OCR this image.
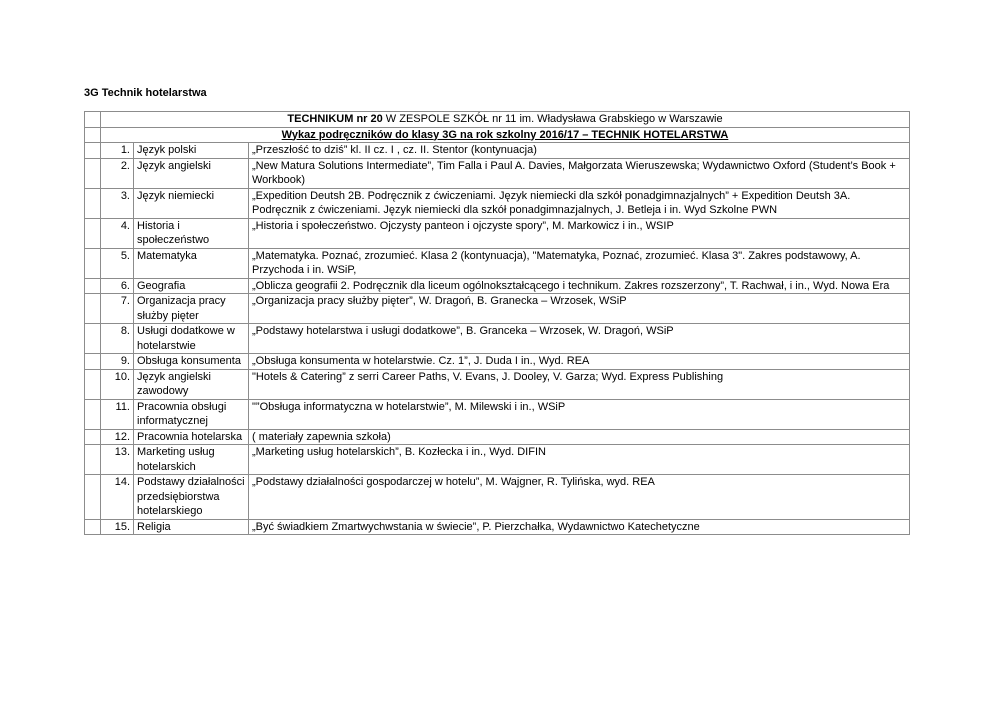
3G Technik hotelarstwa
	TECHNIKUM nr 20 W ZESPOLE SZKÓŁ nr 11 im. Władysława Grabskiego w Warszawie		
	Wykaz podręczników do klasy 3G na rok szkolny 2016/17 – TECHNIK HOTELARSTWA		
	1.	Język polski	„Przeszłość to dziś” kl. II cz. I , cz. II. Stentor (kontynuacja)
	2.	Język angielski	„New Matura Solutions Intermediate”, Tim Falla i Paul A. Davies, Małgorzata Wieruszewska; Wydawnictwo Oxford (Student’s Book + Workbook)
	3.	Język niemiecki	„Expedition Deutsh 2B. Podręcznik z ćwiczeniami. Język niemiecki dla szkół ponadgimnazjalnych” + Expedition Deutsh 3A. Podręcznik z ćwiczeniami. Język niemiecki dla szkół ponadgimnazjalnych, J. Betleja i in. Wyd Szkolne PWN
	4.	Historia i społeczeństwo	„Historia i społeczeństwo. Ojczysty panteon i ojczyste spory”, M. Markowicz i in., WSIP
	5.	Matematyka	„Matematyka. Poznać, zrozumieć. Klasa 2 (kontynuacja), "Matematyka, Poznać, zrozumieć. Klasa 3". Zakres podstawowy, A. Przychoda i in. WSiP,
	6.	Geografia	„Oblicza geografii 2. Podręcznik dla liceum ogólnokształcącego i technikum. Zakres rozszerzony”, T. Rachwał, i in., Wyd. Nowa Era
	7.	Organizacja pracy służby pięter	„Organizacja pracy służby pięter”, W. Dragoń, B. Granecka – Wrzosek, WSiP
	8.	Usługi dodatkowe w hotelarstwie	„Podstawy hotelarstwa i usługi dodatkowe”, B. Granceka – Wrzosek, W. Dragoń, WSiP
	9.	Obsługa konsumenta	„Obsługa konsumenta w hotelarstwie. Cz. 1”, J. Duda I in., Wyd. REA
	10.	Język angielski zawodowy	"Hotels & Catering” z serri Career Paths, V. Evans, J. Dooley, V. Garza; Wyd. Express Publishing
	11.	Pracownia obsługi informatycznej	"”Obsługa informatyczna w hotelarstwie”, M. Milewski i in., WSiP
	12.	Pracownia hotelarska	( materiały zapewnia szkoła)
	13.	Marketing usług hotelarskich	„Marketing usług hotelarskich”, B. Kozłecka i in., Wyd. DIFIN
	14.	Podstawy działalności przedsiębiorstwa hotelarskiego	„Podstawy działalności gospodarczej w hotelu”, M. Wajgner, R. Tylińska, wyd. REA
	15.	Religia	„Być świadkiem Zmartwychwstania w świecie”, P. Pierzchałka, Wydawnictwo Katechetyczne
